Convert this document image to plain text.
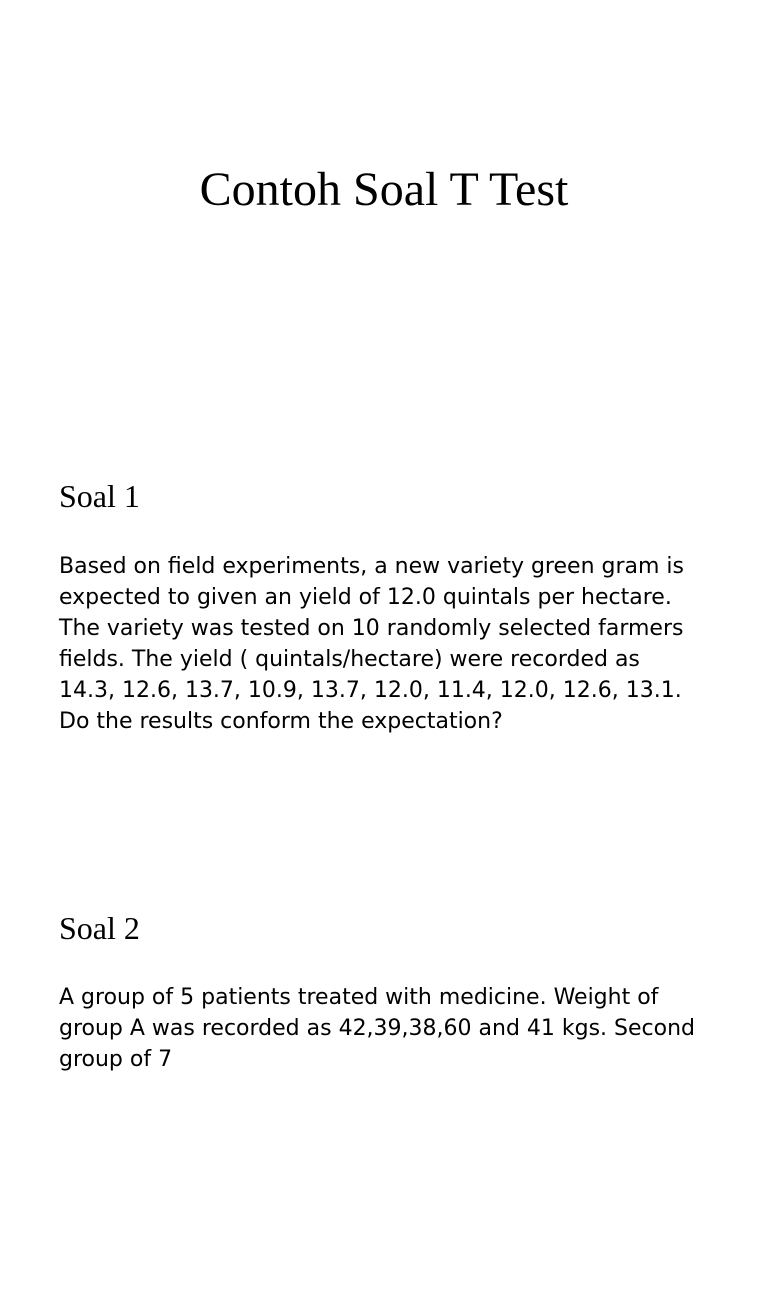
Contoh Soal T Test
Soal 1

Based on field experiments, a new variety green gram is expected to given an yield of 12.0 quintals per hectare. The variety was tested on 10 randomly selected farmers fields. The yield ( quintals/hectare) were recorded as 14.3, 12.6, 13.7, 10.9, 13.7, 12.0, 11.4, 12.0, 12.6, 13.1. Do the results conform the expectation?

Soal 2

A group of 5 patients treated with medicine. Weight of group A was recorded as 42,39,38,60 and 41 kgs. Second group of 7
